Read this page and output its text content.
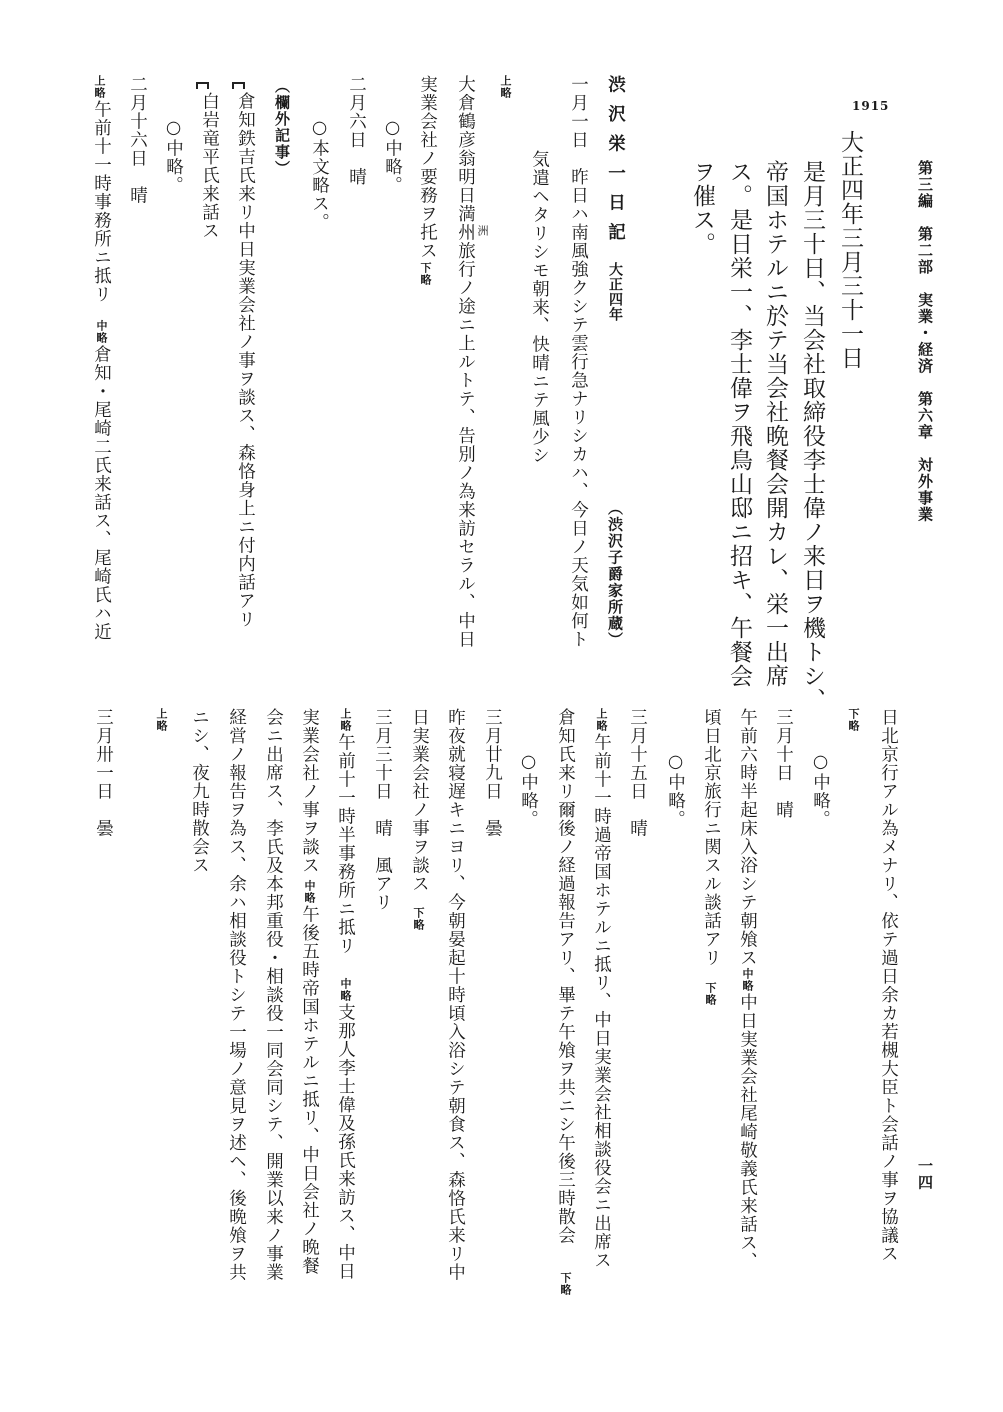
第三編　第二部　実業・経済　第六章　対外事業

一四

1915

大正四年三月三十一日

是月三十日、当会社取締役李士偉ノ来日ヲ機トシ、

帝国ホテルニ於テ当会社晩餐会開カレ、栄一出席

ス。是日栄一、李士偉ヲ飛鳥山邸ニ招キ、午餐会

ヲ催ス。

渋沢栄一日記

大正四年

（渋沢子爵家所蔵）

一月一日　昨日ハ南風強クシテ雲行急ナリシカハ、今日ノ天気如何ト

気遣ヘタリシモ朝来、快晴ニテ風少シ

上略
洲

大倉鶴彦翁明日満州旅行ノ途ニ上ルトテ、告別ノ為来訪セラル、中日

実業会社ノ要務ヲ托ス

下略

○中略。

二月六日　晴

○本文略ス。

（欄外記事）

倉知鉄吉氏来リ中日実業会社ノ事ヲ談ス、森恪身上ニ付内話アリ

白岩竜平氏来話ス

○中略。

二月十六日　晴

上略

午前十一時事務所ニ抵リ

中略

倉知・尾崎二氏来話ス、尾崎氏ハ近

日北京行アル為メナリ、依テ過日余カ若槻大臣ト会話ノ事ヲ協議ス

下略

○中略。

三月十日　晴

午前六時半起床入浴シテ朝飧ス

中略

中日実業会社尾崎敬義氏来話ス、

頃日北京旅行ニ関スル談話アリ

下略

○中略。

三月十五日　晴

上略

午前十一時過帝国ホテルニ抵リ、中日実業会社相談役会ニ出席ス

倉知氏来リ爾後ノ経過報告アリ、畢テ午飧ヲ共ニシ午後三時散会

下略

○中略。

三月廿九日　曇

昨夜就寝遅キニヨリ、今朝晏起十時頃入浴シテ朝食ス、森恪氏来リ中

日実業会社ノ事ヲ談ス

下略

三月三十日　晴　風アリ

上略

午前十一時半事務所ニ抵リ

中略

支那人李士偉及孫氏来訪ス、中日

実業会社ノ事ヲ談ス

中略

午後五時帝国ホテルニ抵リ、中日会社ノ晩餐

会ニ出席ス、李氏及本邦重役・相談役一同会同シテ、開業以来ノ事業

経営ノ報告ヲ為ス、余ハ相談役トシテ一場ノ意見ヲ述ヘ、後晩飧ヲ共

ニシ、夜九時散会ス

上略

三月卅一日　曇
